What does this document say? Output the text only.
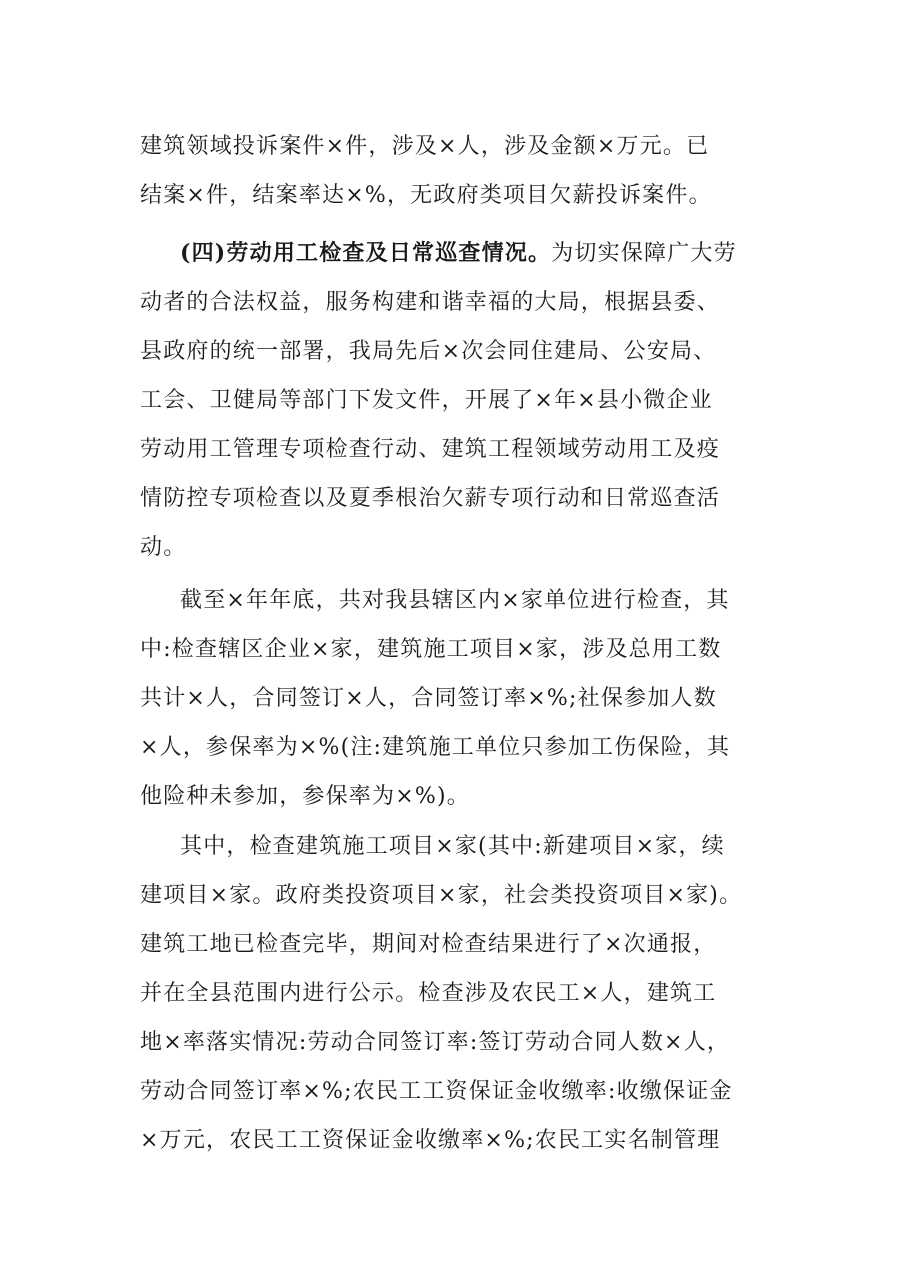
建筑领域投诉案件×件，涉及×人，涉及金额×万元。已
结案×件，结案率达×%，无政府类项目欠薪投诉案件。

(四)劳动用工检查及日常巡查情况。为切实保障广大劳
动者的合法权益，服务构建和谐幸福的大局，根据县委、
县政府的统一部署，我局先后×次会同住建局、公安局、
工会、卫健局等部门下发文件，开展了×年×县小微企业
劳动用工管理专项检查行动、建筑工程领域劳动用工及疫
情防控专项检查以及夏季根治欠薪专项行动和日常巡查活
动。

截至×年年底，共对我县辖区内×家单位进行检查，其
中:检查辖区企业×家，建筑施工项目×家，涉及总用工数
共计×人，合同签订×人，合同签订率×%;社保参加人数
×人，参保率为×%(注:建筑施工单位只参加工伤保险，其
他险种未参加，参保率为×%)。

其中，检查建筑施工项目×家(其中:新建项目×家，续
建项目×家。政府类投资项目×家，社会类投资项目×家)。
建筑工地已检查完毕，期间对检查结果进行了×次通报，
并在全县范围内进行公示。检查涉及农民工×人，建筑工
地×率落实情况:劳动合同签订率:签订劳动合同人数×人，
劳动合同签订率×%;农民工工资保证金收缴率:收缴保证金
×万元，农民工工资保证金收缴率×%;农民工实名制管理
